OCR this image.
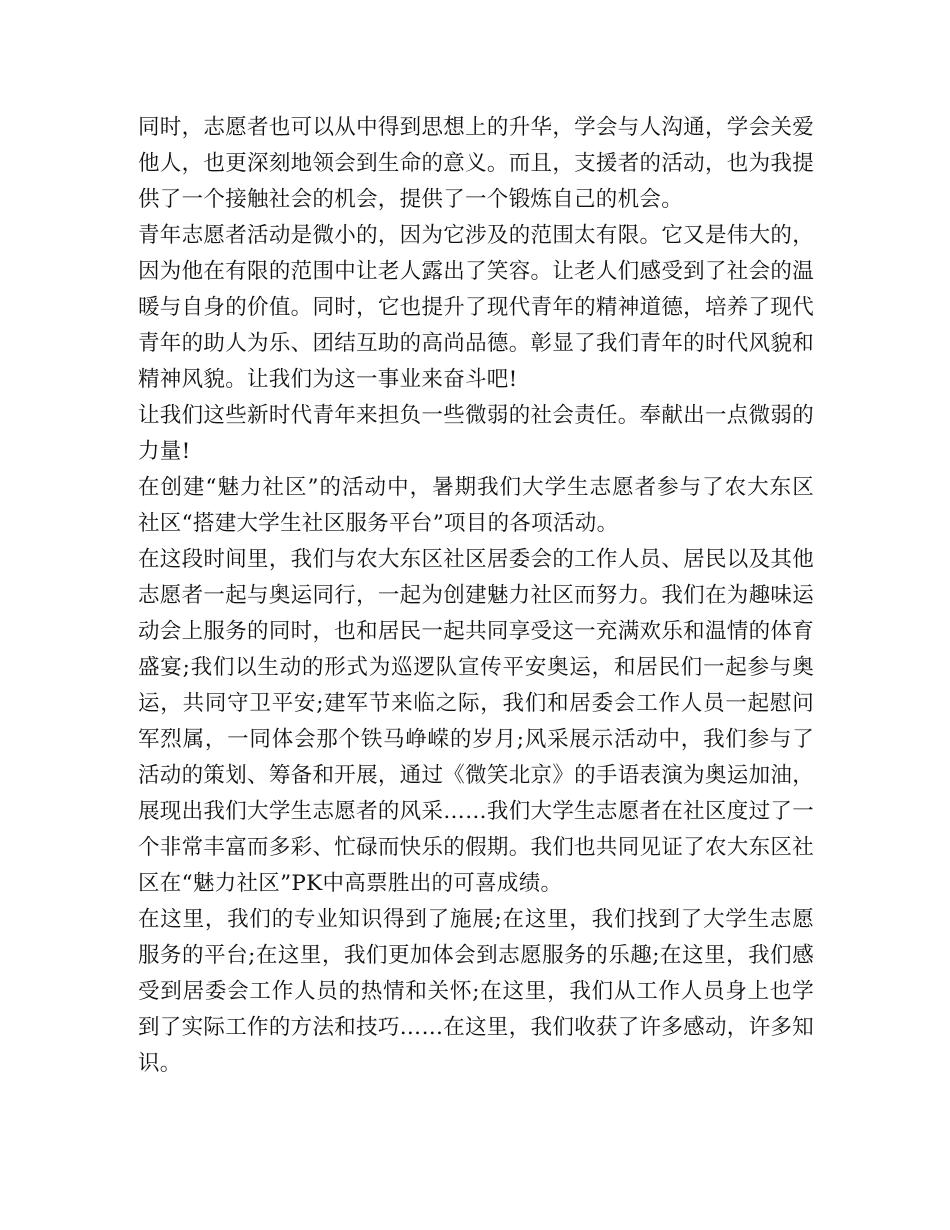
同时，志愿者也可以从中得到思想上的升华，学会与人沟通，学会关爱他人，也更深刻地领会到生命的意义。而且，支援者的活动，也为我提供了一个接触社会的机会，提供了一个锻炼自己的机会。

青年志愿者活动是微小的，因为它涉及的范围太有限。它又是伟大的，因为他在有限的范围中让老人露出了笑容。让老人们感受到了社会的温暖与自身的价值。同时，它也提升了现代青年的精神道德，培养了现代青年的助人为乐、团结互助的高尚品德。彰显了我们青年的时代风貌和精神风貌。让我们为这一事业来奋斗吧!

让我们这些新时代青年来担负一些微弱的社会责任。奉献出一点微弱的力量!

在创建“魅力社区”的活动中，暑期我们大学生志愿者参与了农大东区社区“搭建大学生社区服务平台”项目的各项活动。

在这段时间里，我们与农大东区社区居委会的工作人员、居民以及其他志愿者一起与奥运同行，一起为创建魅力社区而努力。我们在为趣味运动会上服务的同时，也和居民一起共同享受这一充满欢乐和温情的体育盛宴;我们以生动的形式为巡逻队宣传平安奥运，和居民们一起参与奥运，共同守卫平安;建军节来临之际，我们和居委会工作人员一起慰问军烈属，一同体会那个铁马峥嵘的岁月;风采展示活动中，我们参与了活动的策划、筹备和开展，通过《微笑北京》的手语表演为奥运加油，展现出我们大学生志愿者的风采……我们大学生志愿者在社区度过了一个非常丰富而多彩、忙碌而快乐的假期。我们也共同见证了农大东区社区在“魅力社区”PK中高票胜出的可喜成绩。

在这里，我们的专业知识得到了施展;在这里，我们找到了大学生志愿服务的平台;在这里，我们更加体会到志愿服务的乐趣;在这里，我们感受到居委会工作人员的热情和关怀;在这里，我们从工作人员身上也学到了实际工作的方法和技巧……在这里，我们收获了许多感动，许多知识。
